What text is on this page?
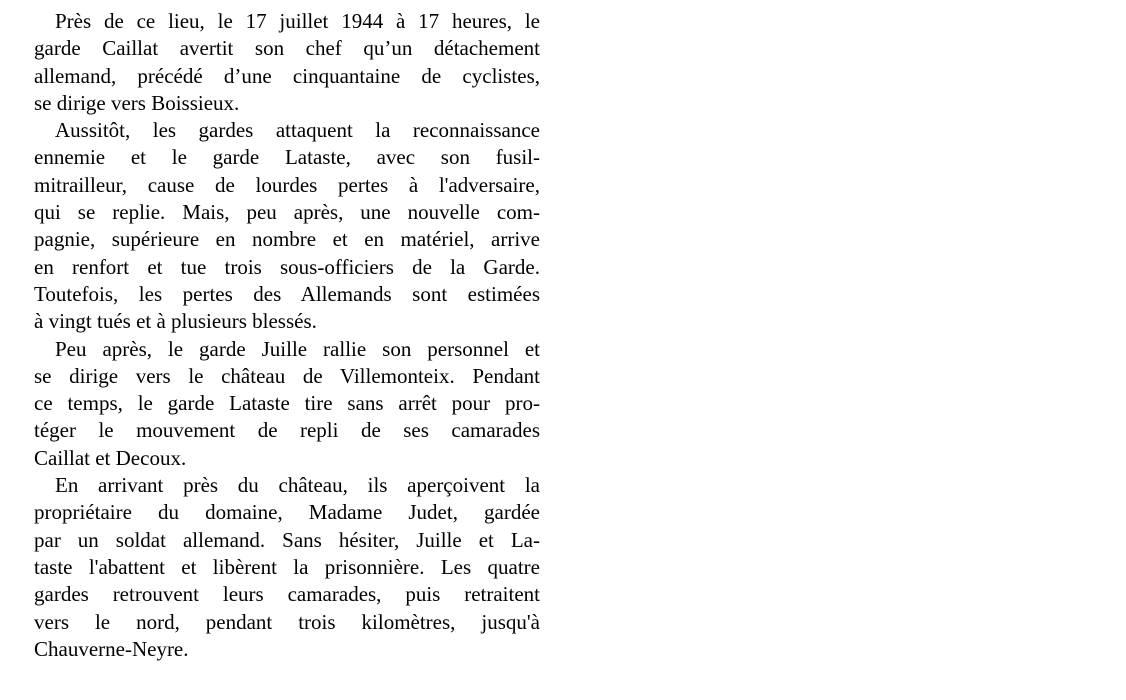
Près de ce lieu, le 17 juillet 1944 à 17 heures, le
garde Caillat avertit son chef qu’un détachement
allemand, précédé d’une cinquantaine de cyclistes,
se dirige vers Boissieux.

Aussitôt, les gardes attaquent la reconnaissance
ennemie et le garde Lataste, avec son fusil-
mitrailleur, cause de lourdes pertes à l'adversaire,
qui se replie. Mais, peu après, une nouvelle com-
pagnie, supérieure en nombre et en matériel, arrive
en renfort et tue trois sous-officiers de la Garde.
Toutefois, les pertes des Allemands sont estimées
à vingt tués et à plusieurs blessés.

Peu après, le garde Juille rallie son personnel et
se dirige vers le château de Villemonteix. Pendant
ce temps, le garde Lataste tire sans arrêt pour pro-
téger le mouvement de repli de ses camarades
Caillat et Decoux.

En arrivant près du château, ils aperçoivent la
propriétaire du domaine, Madame Judet, gardée
par un soldat allemand. Sans hésiter, Juille et La-
taste l'abattent et libèrent la prisonnière. Les quatre
gardes retrouvent leurs camarades, puis retraitent
vers le nord, pendant trois kilomètres, jusqu'à
Chauverne-Neyre.
